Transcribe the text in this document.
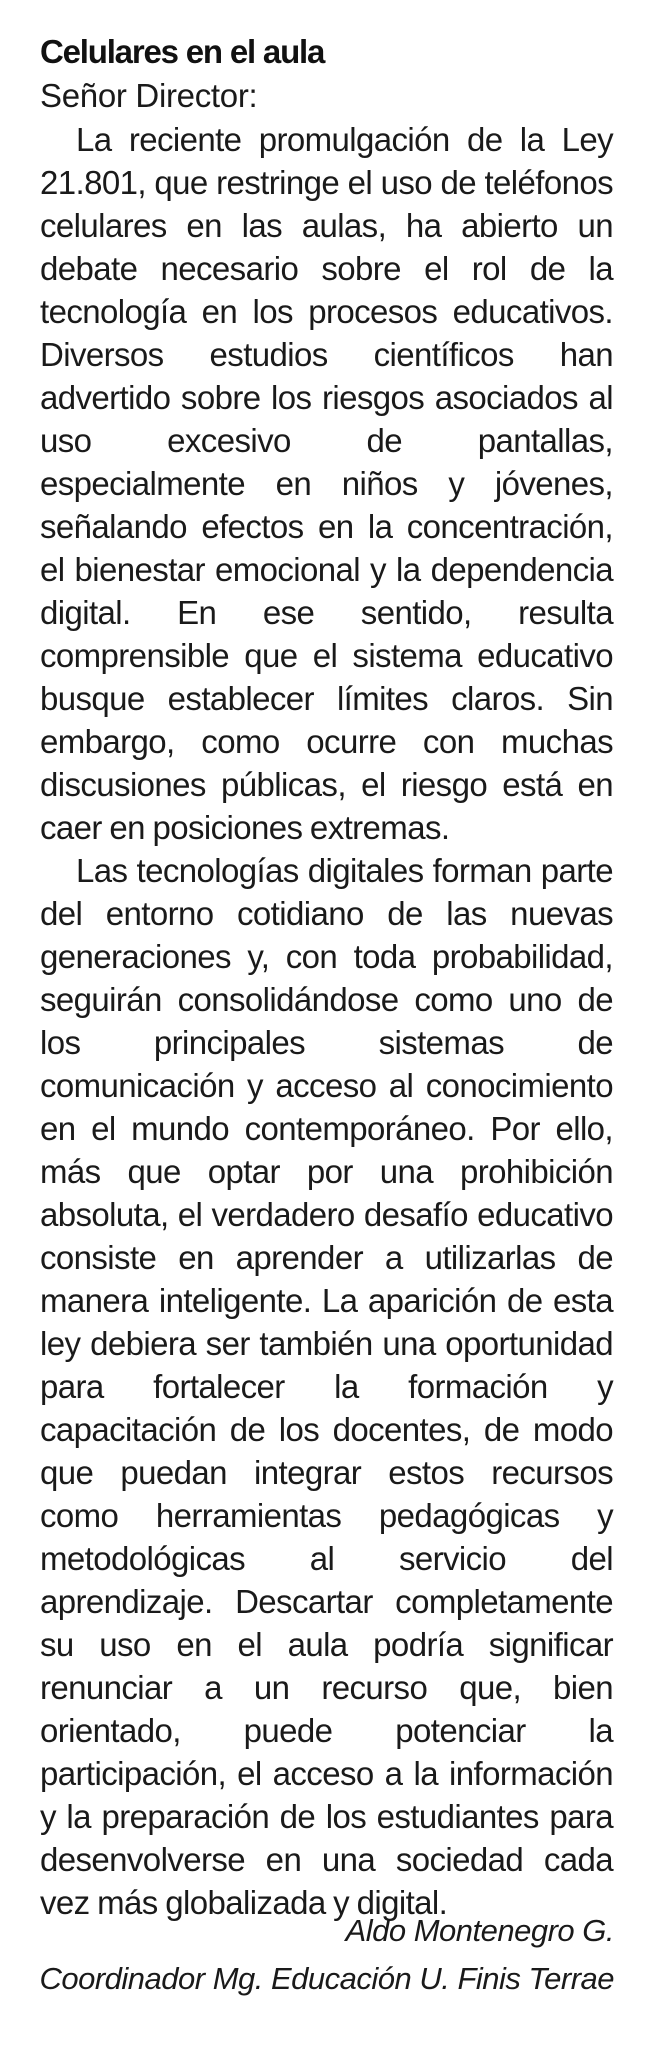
Celulares en el aula

Señor Director:

La reciente promulgación de la Ley 21.801, que restringe el uso de teléfonos celulares en las aulas, ha abierto un debate necesario sobre el rol de la tecnología en los procesos educativos. Diversos estudios científicos han advertido sobre los riesgos asociados al uso excesivo de pantallas, especialmente en niños y jóvenes, señalando efectos en la concentración, el bienestar emocional y la dependencia digital. En ese sentido, resulta comprensible que el sistema educativo busque establecer límites claros. Sin embargo, como ocurre con muchas discusiones públicas, el riesgo está en caer en posiciones extremas.

Las tecnologías digitales forman parte del entorno cotidiano de las nuevas generaciones y, con toda probabilidad, seguirán consolidándose como uno de los principales sistemas de comunicación y acceso al conocimiento en el mundo contemporáneo. Por ello, más que optar por una prohibición absoluta, el verdadero desafío educativo consiste en aprender a utilizarlas de manera inteligente. La aparición de esta ley debiera ser también una oportunidad para fortalecer la formación y capacitación de los docentes, de modo que puedan integrar estos recursos como herramientas pedagógicas y metodológicas al servicio del aprendizaje. Descartar completamente su uso en el aula podría significar renunciar a un recurso que, bien orientado, puede potenciar la participación, el acceso a la información y la preparación de los estudiantes para desenvolverse en una sociedad cada vez más globalizada y digital.

Aldo Montenegro G.
Coordinador Mg. Educación U. Finis Terrae
